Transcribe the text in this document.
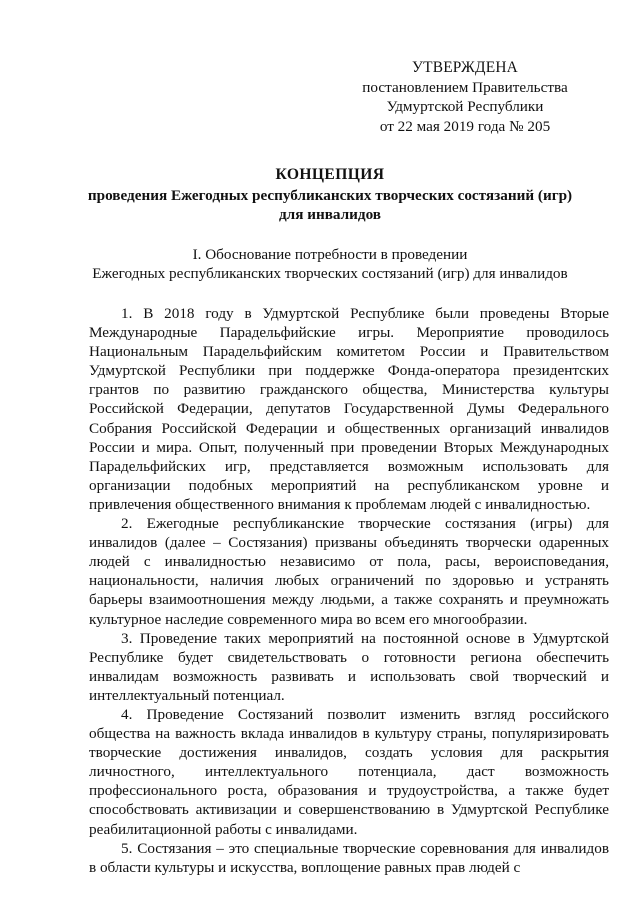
УТВЕРЖДЕНА
постановлением Правительства
Удмуртской Республики
от 22 мая 2019 года № 205
КОНЦЕПЦИЯ
проведения Ежегодных республиканских творческих состязаний (игр)
для инвалидов
I. Обоснование потребности в проведении
Ежегодных республиканских творческих состязаний (игр) для инвалидов

1. В 2018 году в Удмуртской Республике были проведены Вторые Международные Парадельфийские игры. Мероприятие проводилось Национальным Парадельфийским комитетом России и Правительством Удмуртской Республики при поддержке Фонда-оператора президентских грантов по развитию гражданского общества, Министерства культуры Российской Федерации, депутатов Государственной Думы Федерального Собрания Российской Федерации и общественных организаций инвалидов России и мира. Опыт, полученный при проведении Вторых Международных Парадельфийских игр, представляется возможным использовать для организации подобных мероприятий на республиканском уровне и привлечения общественного внимания к проблемам людей с инвалидностью.

2. Ежегодные республиканские творческие состязания (игры) для инвалидов (далее – Состязания) призваны объединять творчески одаренных людей с инвалидностью независимо от пола, расы, вероисповедания, национальности, наличия любых ограничений по здоровью и устранять барьеры взаимоотношения между людьми, а также сохранять и преумножать культурное наследие современного мира во всем его многообразии.

3. Проведение таких мероприятий на постоянной основе в Удмуртской Республике будет свидетельствовать о готовности региона обеспечить инвалидам возможность развивать и использовать свой творческий и интеллектуальный потенциал.

4. Проведение Состязаний позволит изменить взгляд российского общества на важность вклада инвалидов в культуру страны, популяризировать творческие достижения инвалидов, создать условия для раскрытия личностного, интеллектуального потенциала, даст возможность профессионального роста, образования и трудоустройства, а также будет способствовать активизации и совершенствованию в Удмуртской Республике реабилитационной работы с инвалидами.

5. Состязания – это специальные творческие соревнования для инвалидов в области культуры и искусства, воплощение равных прав людей с
